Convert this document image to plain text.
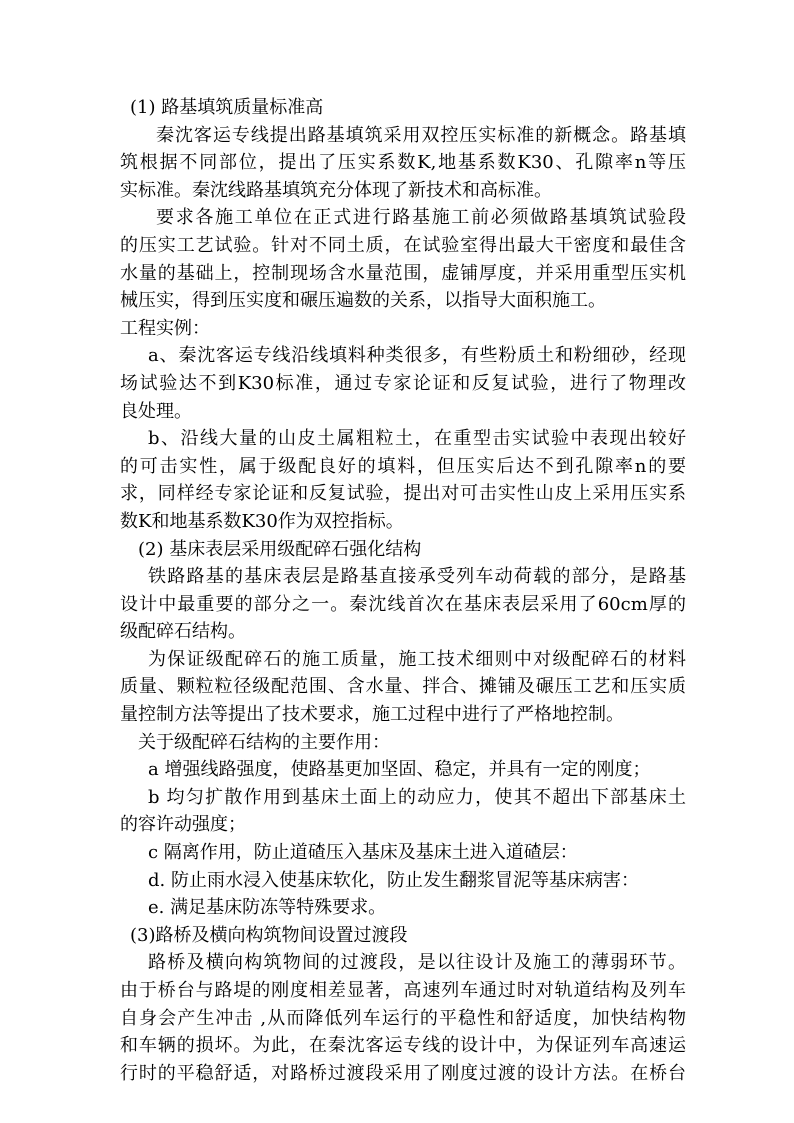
(1) 路基填筑质量标准高
秦沈客运专线提出路基填筑采用双控压实标准的新概念。路基填
筑根据不同部位，提出了压实系数K,地基系数K30、孔隙率n等压
实标准。秦沈线路基填筑充分体现了新技术和高标准。
要求各施工单位在正式进行路基施工前必须做路基填筑试验段
的压实工艺试验。针对不同土质，在试验室得出最大干密度和最佳含
水量的基础上，控制现场含水量范围，虚铺厚度，并采用重型压实机
械压实，得到压实度和碾压遍数的关系，以指导大面积施工。
工程实例：
a、秦沈客运专线沿线填料种类很多，有些粉质土和粉细砂，经现
场试验达不到K30标准，通过专家论证和反复试验，进行了物理改
良处理。
b、沿线大量的山皮土属粗粒土，在重型击实试验中表现出较好
的可击实性，属于级配良好的填料，但压实后达不到孔隙率n的要
求，同样经专家论证和反复试验，提出对可击实性山皮上采用压实系
数K和地基系数K30作为双控指标。
(2) 基床表层采用级配碎石强化结构
铁路路基的基床表层是路基直接承受列车动荷载的部分，是路基
设计中最重要的部分之一。秦沈线首次在基床表层采用了60cm厚的
级配碎石结构。
为保证级配碎石的施工质量，施工技术细则中对级配碎石的材料
质量、颗粒粒径级配范围、含水量、拌合、摊铺及碾压工艺和压实质
量控制方法等提出了技术要求，施工过程中进行了严格地控制。
关于级配碎石结构的主要作用：
a 增强线路强度，使路基更加坚固、稳定，并具有一定的刚度；
b 均匀扩散作用到基床土面上的动应力，使其不超出下部基床土
的容许动强度；
c 隔离作用，防止道碴压入基床及基床土进入道碴层：
d. 防止雨水浸入使基床软化，防止发生翻浆冒泥等基床病害：
e. 满足基床防冻等特殊要求。
(3)路桥及横向构筑物间设置过渡段
路桥及横向构筑物间的过渡段，是以往设计及施工的薄弱环节。
由于桥台与路堤的刚度相差显著，高速列车通过时对轨道结构及列车
自身会产生冲击 ,从而降低列车运行的平稳性和舒适度，加快结构物
和车辆的损坏。为此，在秦沈客运专线的设计中，为保证列车高速运
行时的平稳舒适，对路桥过渡段采用了刚度过渡的设计方法。在桥台
